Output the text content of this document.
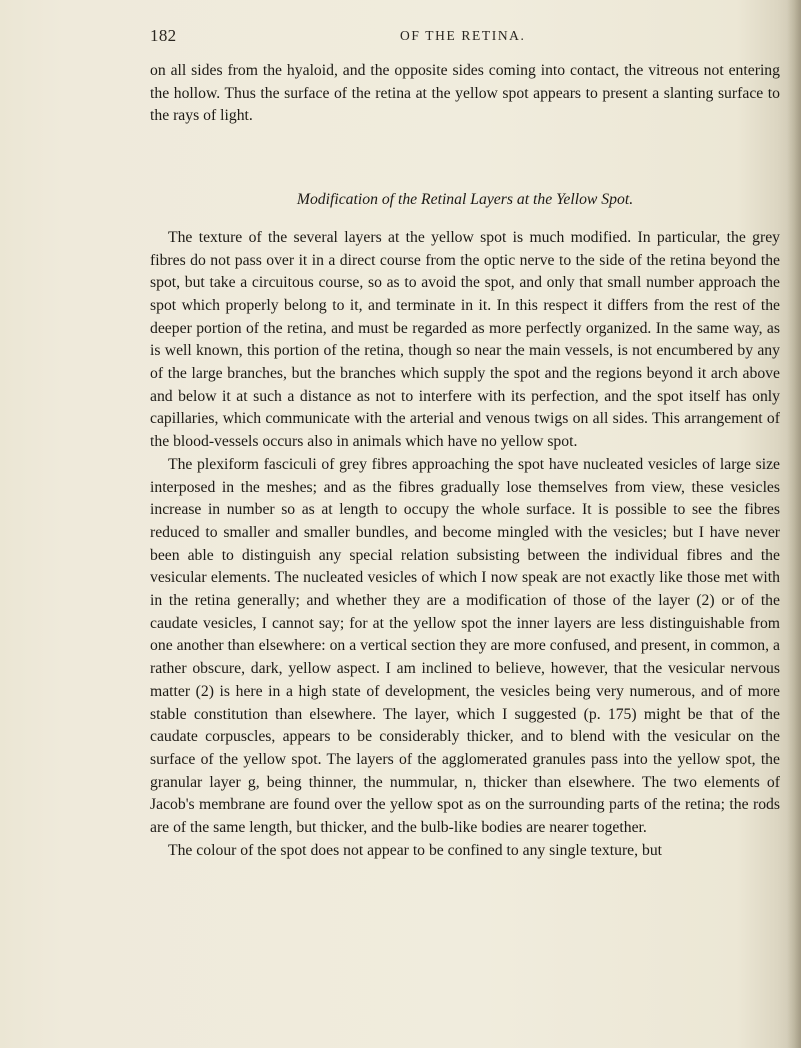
182	OF THE RETINA.

on all sides from the hyaloid, and the opposite sides coming into contact, the vitreous not entering the hollow. Thus the surface of the retina at the yellow spot appears to present a slanting surface to the rays of light.

Modification of the Retinal Layers at the Yellow Spot.

The texture of the several layers at the yellow spot is much modified. In particular, the grey fibres do not pass over it in a direct course from the optic nerve to the side of the retina beyond the spot, but take a circuitous course, so as to avoid the spot, and only that small number approach the spot which properly belong to it, and terminate in it. In this respect it differs from the rest of the deeper portion of the retina, and must be regarded as more perfectly organized. In the same way, as is well known, this portion of the retina, though so near the main vessels, is not encumbered by any of the large branches, but the branches which supply the spot and the regions beyond it arch above and below it at such a distance as not to interfere with its perfection, and the spot itself has only capillaries, which communicate with the arterial and venous twigs on all sides. This arrangement of the blood-vessels occurs also in animals which have no yellow spot.

The plexiform fasciculi of grey fibres approaching the spot have nucleated vesicles of large size interposed in the meshes; and as the fibres gradually lose themselves from view, these vesicles increase in number so as at length to occupy the whole surface. It is possible to see the fibres reduced to smaller and smaller bundles, and become mingled with the vesicles; but I have never been able to distinguish any special relation subsisting between the individual fibres and the vesicular elements. The nucleated vesicles of which I now speak are not exactly like those met with in the retina generally; and whether they are a modification of those of the layer (2) or of the caudate vesicles, I cannot say; for at the yellow spot the inner layers are less distinguishable from one another than elsewhere: on a vertical section they are more confused, and present, in common, a rather obscure, dark, yellow aspect. I am inclined to believe, however, that the vesicular nervous matter (2) is here in a high state of development, the vesicles being very numerous, and of more stable constitution than elsewhere. The layer, which I suggested (p. 175) might be that of the caudate corpuscles, appears to be considerably thicker, and to blend with the vesicular on the surface of the yellow spot. The layers of the agglomerated granules pass into the yellow spot, the granular layer g, being thinner, the nummular, n, thicker than elsewhere. The two elements of Jacob's membrane are found over the yellow spot as on the surrounding parts of the retina; the rods are of the same length, but thicker, and the bulb-like bodies are nearer together.

The colour of the spot does not appear to be confined to any single texture, but
